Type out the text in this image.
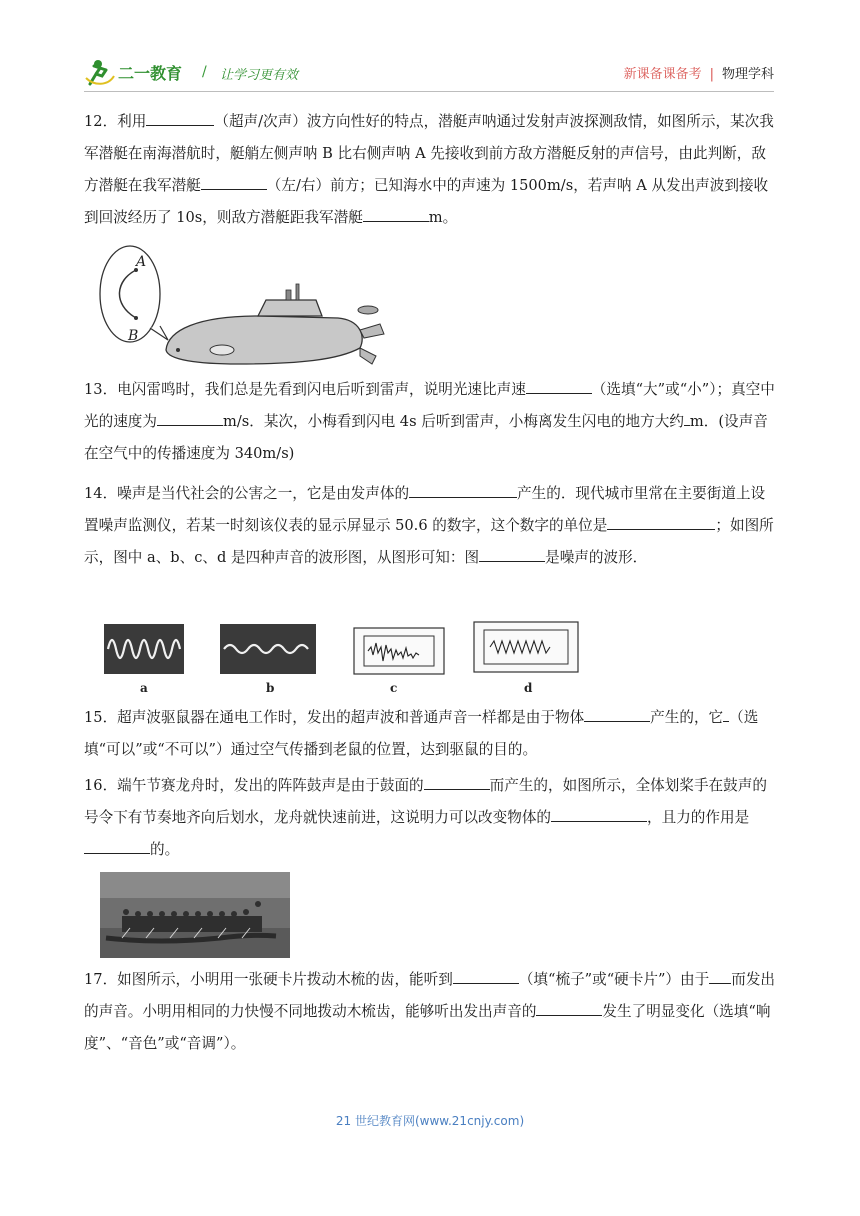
二一教育 / 让学习更有效	新课备课备考 | 物理学科

12．利用	（超声/次声）波方向性好的特点，潜艇声呐通过发射声波探测敌情，如图所示，某次我军潜艇在南海潜航时，艇艄左侧声呐 B 比右侧声呐 A 先接收到前方敌方潜艇反射的声信号，由此判断，敌方潜艇在我军潜艇	（左/右）前方；已知海水中的声速为 1500m/s，若声呐 A 从发出声波到接收到回波经历了 10s，则敌方潜艇距我军潜艇	m。

A
B

13．电闪雷鸣时，我们总是先看到闪电后听到雷声，说明光速比声速	（选填“大”或“小”）；真空中光的速度为	m/s．某次，小梅看到闪电 4s 后听到雷声，小梅离发生闪电的地方大约 m．(设声音在空气中的传播速度为 340m/s)

14．噪声是当代社会的公害之一，它是由发声体的	产生的．现代城市里常在主要街道上设置噪声监测仪，若某一时刻该仪表的显示屏显示 50.6 的数字，这个数字的单位是	；如图所示，图中 a、b、c、d 是四种声音的波形图，从图形可知：图	是噪声的波形．

a	b	c	d

15．超声波驱鼠器在通电工作时，发出的超声波和普通声音一样都是由于物体	产生的，它 （选填“可以”或“不可以”）通过空气传播到老鼠的位置，达到驱鼠的目的。

16．端午节赛龙舟时，发出的阵阵鼓声是由于鼓面的	而产生的，如图所示，全体划桨手在鼓声的号令下有节奏地齐向后划水，龙舟就快速前进，这说明力可以改变物体的	，且力的作用是的。

17．如图所示，小明用一张硬卡片拨动木梳的齿，能听到	（填“梳子”或“硬卡片”）由于 而发出的声音。小明用相同的力快慢不同地拨动木梳齿，能够听出发出声音的	发生了明显变化（选填“响度”、“音色”或“音调”）。

21 世纪教育网(www.21cnjy.com)
